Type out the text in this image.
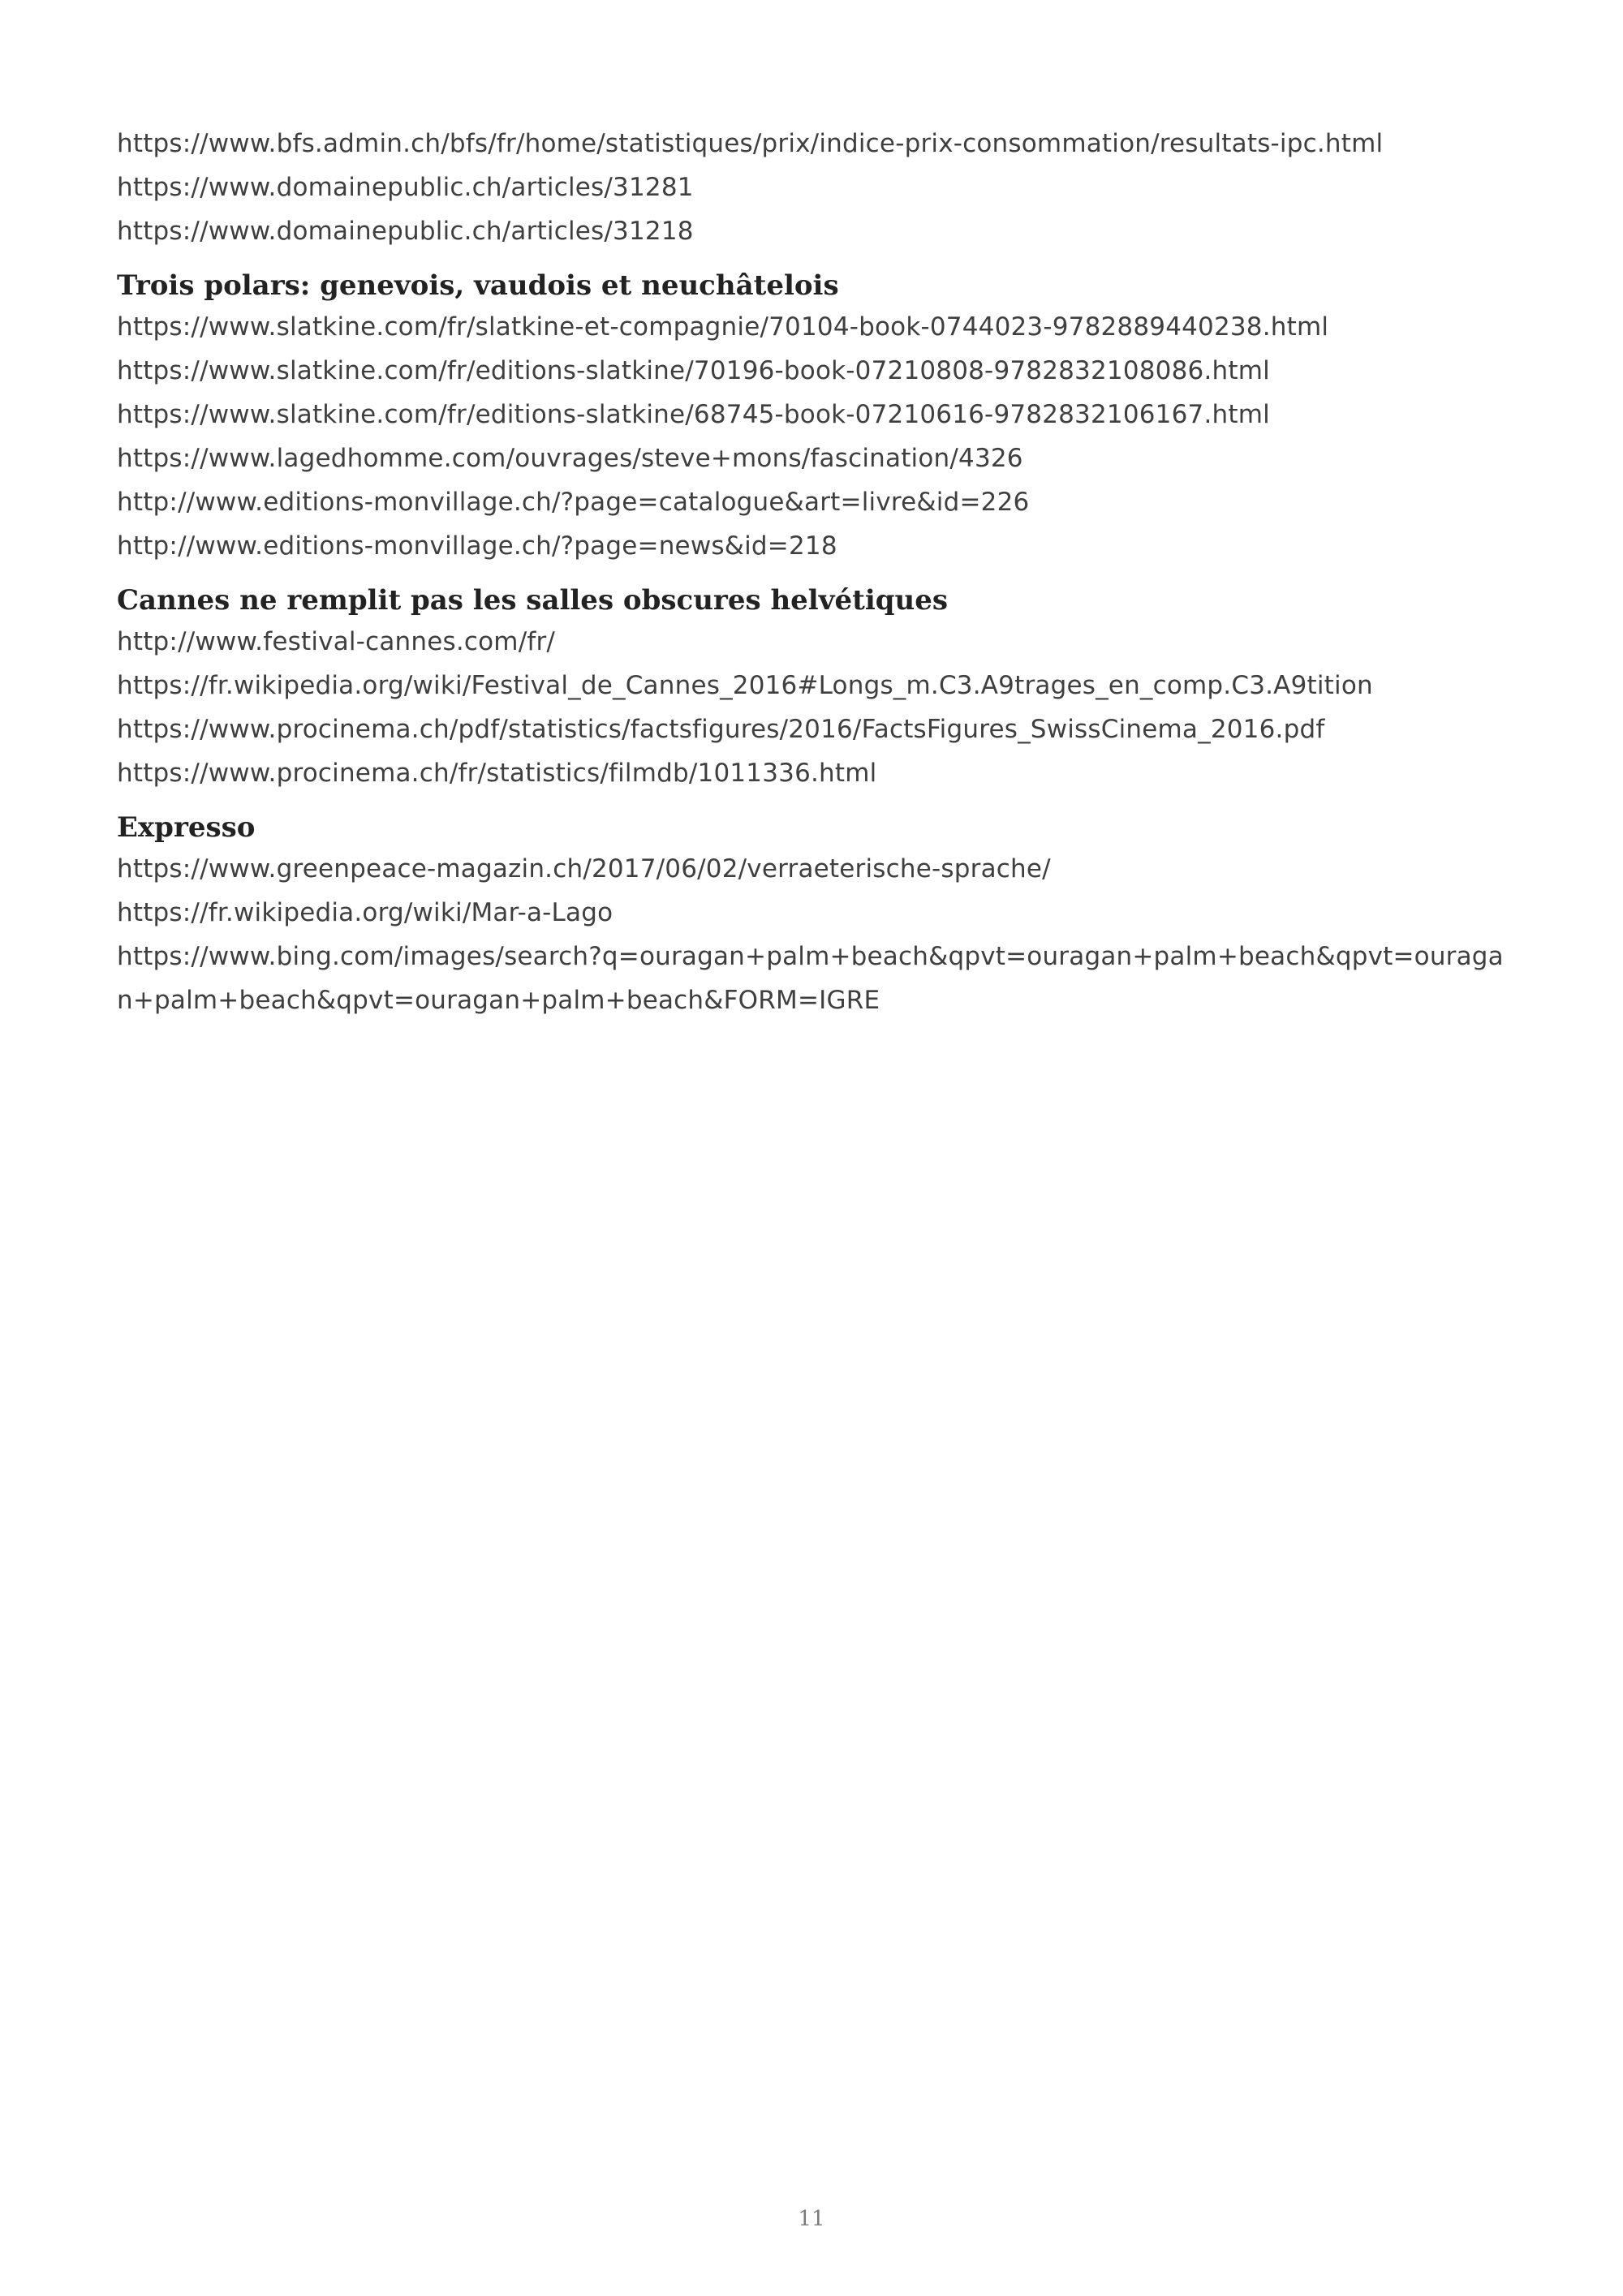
https://www.bfs.admin.ch/bfs/fr/home/statistiques/prix/indice-prix-consommation/resultats-ipc.html
https://www.domainepublic.ch/articles/31281
https://www.domainepublic.ch/articles/31218
Trois polars: genevois, vaudois et neuchâtelois
https://www.slatkine.com/fr/slatkine-et-compagnie/70104-book-0744023-9782889440238.html
https://www.slatkine.com/fr/editions-slatkine/70196-book-07210808-9782832108086.html
https://www.slatkine.com/fr/editions-slatkine/68745-book-07210616-9782832106167.html
https://www.lagedhomme.com/ouvrages/steve+mons/fascination/4326
http://www.editions-monvillage.ch/?page=catalogue&art=livre&id=226
http://www.editions-monvillage.ch/?page=news&id=218
Cannes ne remplit pas les salles obscures helvétiques
http://www.festival-cannes.com/fr/
https://fr.wikipedia.org/wiki/Festival_de_Cannes_2016#Longs_m.C3.A9trages_en_comp.C3.A9tition
https://www.procinema.ch/pdf/statistics/factsfigures/2016/FactsFigures_SwissCinema_2016.pdf
https://www.procinema.ch/fr/statistics/filmdb/1011336.html
Expresso
https://www.greenpeace-magazin.ch/2017/06/02/verraeterische-sprache/
https://fr.wikipedia.org/wiki/Mar-a-Lago
https://www.bing.com/images/search?q=ouragan+palm+beach&qpvt=ouragan+palm+beach&qpvt=ouragan+palm+beach&qpvt=ouragan+palm+beach&FORM=IGRE
11
